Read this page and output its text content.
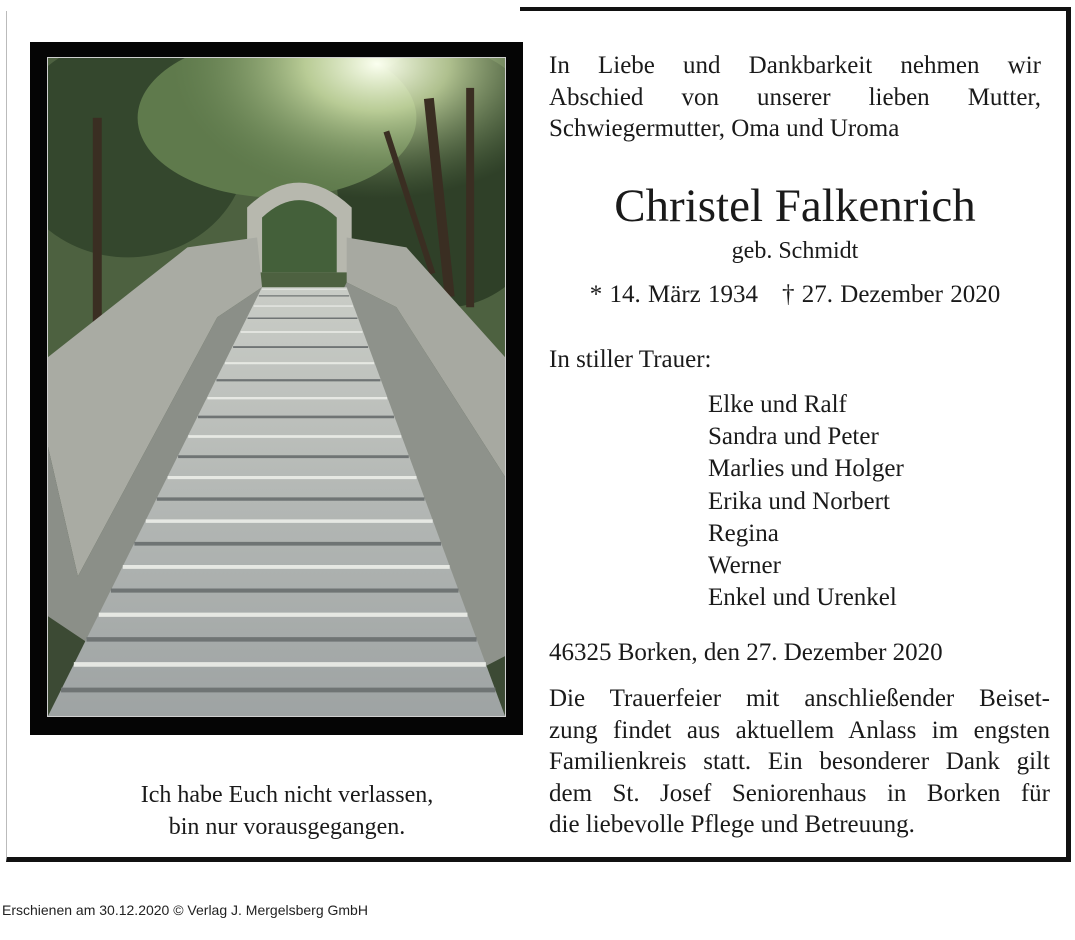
In Liebe und Dankbarkeit nehmen wir
Abschied von unserer lieben Mutter,
Schwiegermutter, Oma und Uroma
Christel Falkenrich
geb. Schmidt
* 14. März 1934 † 27. Dezember 2020
In stiller Trauer:
Elke und Ralf
Sandra und Peter
Marlies und Holger
Erika und Norbert
Regina
Werner
Enkel und Urenkel
46325 Borken, den 27. Dezember 2020
Die Trauerfeier mit anschließender Beiset-
zung findet aus aktuellem Anlass im engsten
Familienkreis statt. Ein besonderer Dank gilt
dem St. Josef Seniorenhaus in Borken für
die liebevolle Pflege und Betreuung.
Ich habe Euch nicht verlassen,
bin nur vorausgegangen.
Erschienen am 30.12.2020 © Verlag J. Mergelsberg GmbH
